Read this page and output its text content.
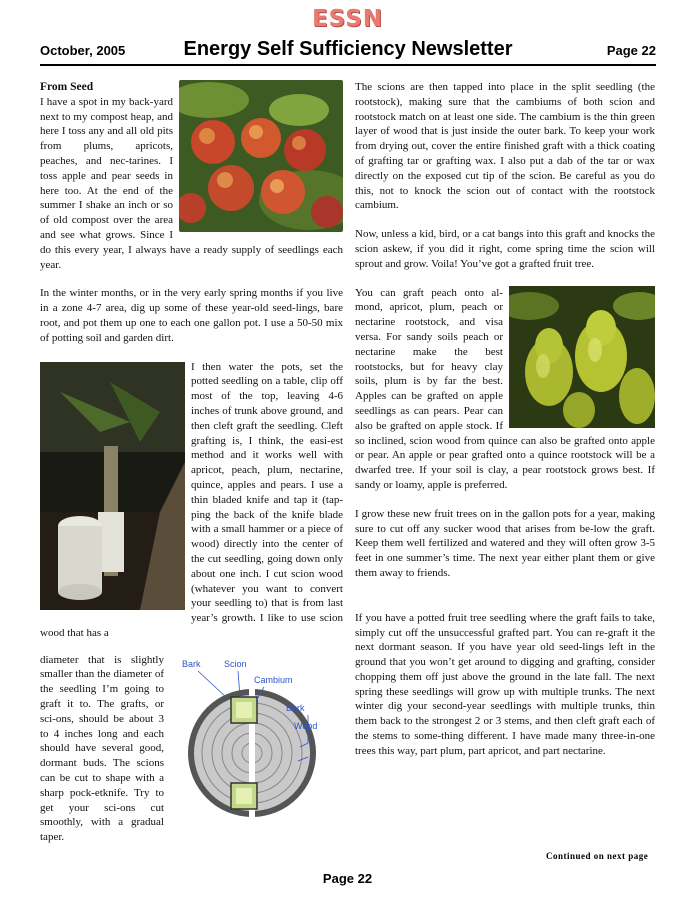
ESSN
October, 2005	Energy Self Sufficiency Newsletter	Page 22
From Seed

I have a spot in my back-yard next to my compost heap, and here I toss any and all old pits from plums, apricots, peaches, and nec-tarines. I toss apple and pear seeds in here too. At the end of the summer I shake an inch or so of old compost over the area and see what grows. Since I do this every year, I always have a ready supply of seedlings each year.

In the winter months, or in the very early spring months if you live in a zone 4-7 area, dig up some of these year-old seed-lings, bare root, and pot them up one to each one gallon pot. I use a 50-50 mix of potting soil and garden dirt.

I then water the pots, set the potted seedling on a table, clip off most of the top, leaving 4-6 inches of trunk above ground, and then cleft graft the seedling. Cleft grafting is, I think, the easi-est method and it works well with apricot, peach, plum, nectarine, quince, apples and pears. I use a thin bladed knife and tap it (tap-ping the back of the knife blade with a small hammer or a piece of wood) directly into the center of the cut seedling, going down only about one inch. I cut scion wood (whatever you want to convert your seedling to) that is from last year’s growth. I like to use scion wood that has a

Bark	Scion
Cambium
Bark
Wood

diameter that is slightly smaller than the diameter of the seedling I’m going to graft it to. The grafts, or sci-ons, should be about 3 to 4 inches long and each should have several good, dormant buds. The scions can be cut to shape with a sharp pock-etknife. Try to get your sci-ons cut smoothly, with a gradual taper.

The scions are then tapped into place in the split seedling (the rootstock), making sure that the cambiums of both scion and rootstock match on at least one side. The cambium is the thin green layer of wood that is just inside the outer bark. To keep your work from drying out, cover the entire finished graft with a thick coating of grafting tar or grafting wax. I also put a dab of the tar or wax directly on the exposed cut tip of the scion. Be careful as you do this, not to knock the scion out of contact with the rootstock cambium.

Now, unless a kid, bird, or a cat bangs into this graft and knocks the scion askew, if you did it right, come spring time the scion will sprout and grow. Voila! You’ve got a grafted fruit tree.

You can graft peach onto al-mond, apricot, plum, peach or nectarine rootstock, and visa versa. For sandy soils peach or nectarine make the best rootstocks, but for heavy clay soils, plum is by far the best. Apples can be grafted on apple seedlings as can pears. Pear can also be grafted on apple stock. If so inclined, scion wood from quince can also be grafted onto apple or pear. An apple or pear grafted onto a quince rootstock will be a dwarfed tree. If your soil is clay, a pear rootstock grows best. If sandy or loamy, apple is preferred.

I grow these new fruit trees on in the gallon pots for a year, making sure to cut off any sucker wood that arises from be-low the graft. Keep them well fertilized and watered and they will often grow 3-5 feet in one summer’s time. The next year either plant them or give them away to friends.

If you have a potted fruit tree seedling where the graft fails to take, simply cut off the unsuccessful grafted part. You can re-graft it the next dormant season. If you have year old seed-lings left in the ground that you won’t get around to digging and grafting, consider chopping them off just above the ground in the late fall. The next spring these seedlings will grow up with multiple trunks. The next winter dig your second-year seedlings with multiple trunks, thin them back to the strongest 2 or 3 stems, and then cleft graft each of the stems to some-thing different. I have made many three-in-one trees this way, part plum, part apricot, and part nectarine.

Continued on next page
Page 22
